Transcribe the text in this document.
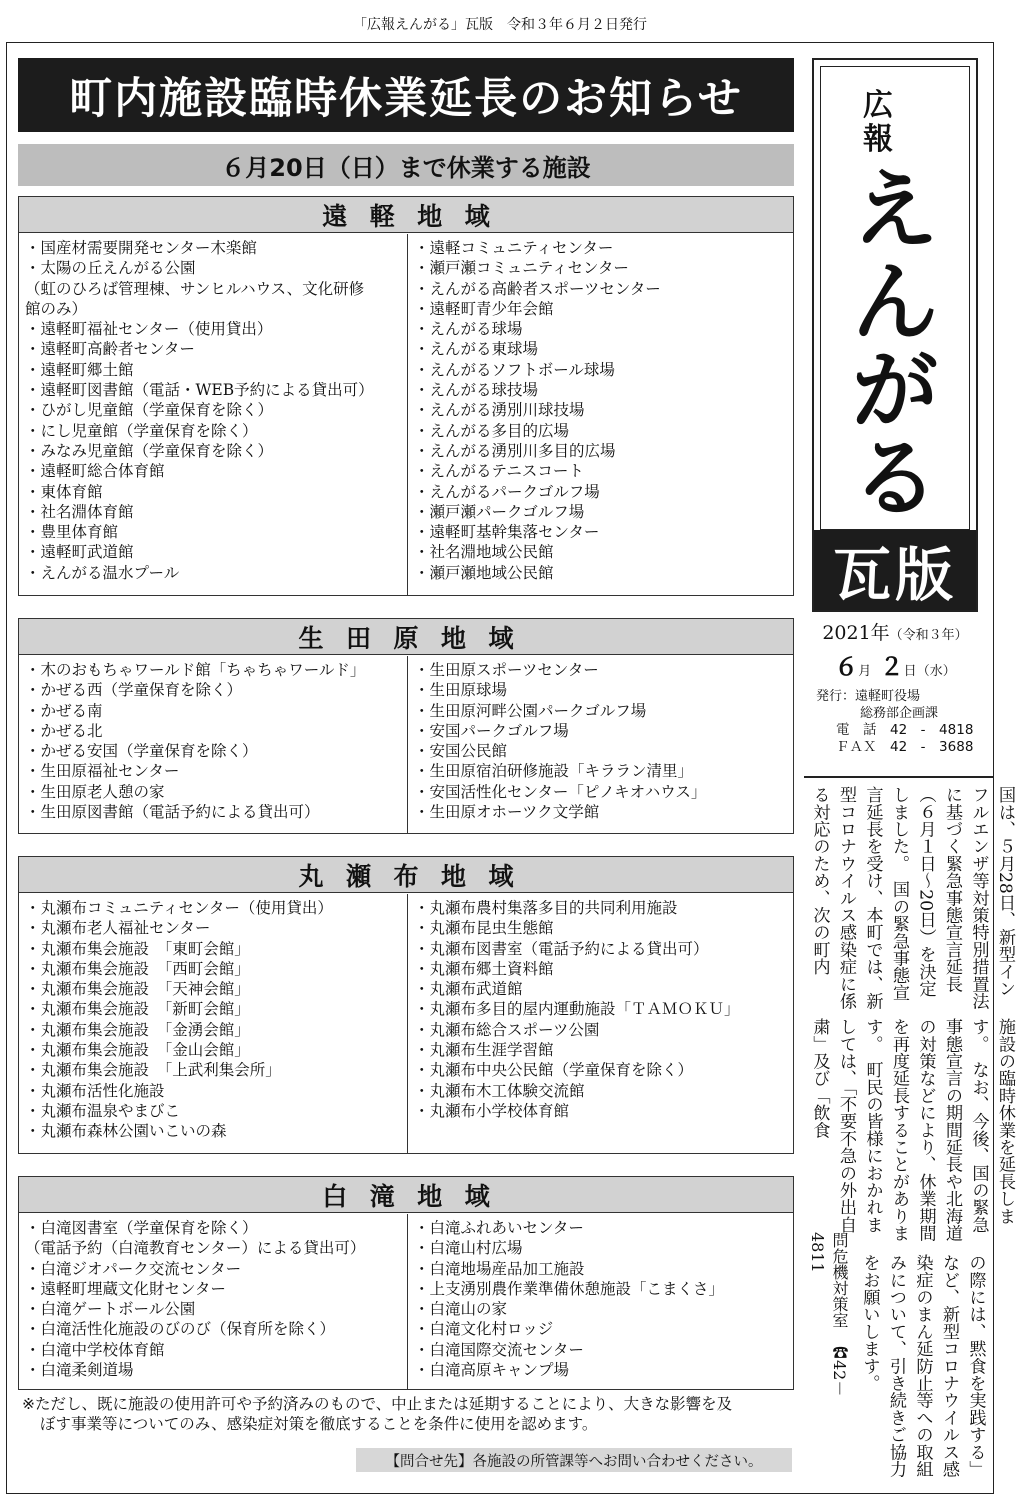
「広報えんがる」瓦版　令和３年６月２日発行
町内施設臨時休業延長のお知らせ
６月20日（日）まで休業する施設
遠軽地域
・国産材需要開発センター木楽館
・太陽の丘えんがる公園
（虹のひろば管理棟、サンヒルハウス、文化研修
館のみ）
・遠軽町福祉センター（使用貸出）
・遠軽町高齢者センター
・遠軽町郷土館
・遠軽町図書館（電話・WEB予約による貸出可）
・ひがし児童館（学童保育を除く）
・にし児童館（学童保育を除く）
・みなみ児童館（学童保育を除く）
・遠軽町総合体育館
・東体育館
・社名淵体育館
・豊里体育館
・遠軽町武道館
・えんがる温水プール
・遠軽コミュニティセンター
・瀬戸瀬コミュニティセンター
・えんがる高齢者スポーツセンター
・遠軽町青少年会館
・えんがる球場
・えんがる東球場
・えんがるソフトボール球場
・えんがる球技場
・えんがる湧別川球技場
・えんがる多目的広場
・えんがる湧別川多目的広場
・えんがるテニスコート
・えんがるパークゴルフ場
・瀬戸瀬パークゴルフ場
・遠軽町基幹集落センター
・社名淵地域公民館
・瀬戸瀬地域公民館
生田原地域
・木のおもちゃワールド館「ちゃちゃワールド」
・かぜる西（学童保育を除く）
・かぜる南
・かぜる北
・かぜる安国（学童保育を除く）
・生田原福祉センター
・生田原老人憩の家
・生田原図書館（電話予約による貸出可）
・生田原スポーツセンター
・生田原球場
・生田原河畔公園パークゴルフ場
・安国パークゴルフ場
・安国公民館
・生田原宿泊研修施設「キララン清里」
・安国活性化センター「ピノキオハウス」
・生田原オホーツク文学館
丸瀬布地域
・丸瀬布コミュニティセンター（使用貸出）
・丸瀬布老人福祉センター
・丸瀬布集会施設　「東町会館」
・丸瀬布集会施設　「西町会館」
・丸瀬布集会施設　「天神会館」
・丸瀬布集会施設　「新町会館」
・丸瀬布集会施設　「金湧会館」
・丸瀬布集会施設　「金山会館」
・丸瀬布集会施設　「上武利集会所」
・丸瀬布活性化施設
・丸瀬布温泉やまびこ
・丸瀬布森林公園いこいの森
・丸瀬布農村集落多目的共同利用施設
・丸瀬布昆虫生態館
・丸瀬布図書室（電話予約による貸出可）
・丸瀬布郷土資料館
・丸瀬布武道館
・丸瀬布多目的屋内運動施設「ＴＡＭＯＫＵ」
・丸瀬布総合スポーツ公園
・丸瀬布生涯学習館
・丸瀬布中央公民館（学童保育を除く）
・丸瀬布木工体験交流館
・丸瀬布小学校体育館
白滝地域
・白滝図書室（学童保育を除く）
（電話予約（白滝教育センター）による貸出可）
・白滝ジオパーク交流センター
・遠軽町埋蔵文化財センター
・白滝ゲートボール公園
・白滝活性化施設のびのび（保育所を除く）
・白滝中学校体育館
・白滝柔剣道場
・白滝ふれあいセンター
・白滝山村広場
・白滝地場産品加工施設
・上支湧別農作業準備休憩施設「こまくさ」
・白滝山の家
・白滝文化村ロッジ
・白滝国際交流センター
・白滝高原キャンプ場
※ただし、既に施設の使用許可や予約済みのもので、中止または延期することにより、大きな影響を及
ぼす事業等についてのみ、感染症対策を徹底することを条件に使用を認めます。
【問合せ先】各施設の所管課等へお問い合わせください。
広
報
え
ん
が
る
瓦版
2021年（令和３年）
６月 ２日（水）
発行：遠軽町役場
総務部企画課
電　話　42　-　4818
ＦＡＸ　42　-　3688
国は、５月28日、新型インフルエンザ等対策特別措置法に基づく緊急事態宣言延長（６月１日～20日）を決定しました。　国の緊急事態宣言延長を受け、本町では、新型コロナウイルス感染症に係る対応のため、次の町内
施設の臨時休業を延長します。　なお、今後、国の緊急事態宣言の期間延長や北海道の対策などにより、休業期間を再度延長することがあります。　町民の皆様におかれましては、「不要不急の外出自粛」及び「飲食
の際には、黙食を実践する」など、新型コロナウイルス感染症のまん延防止等への取組みについて、引き続きご協力をお願いします。
問危機対策室　☎42－4811
